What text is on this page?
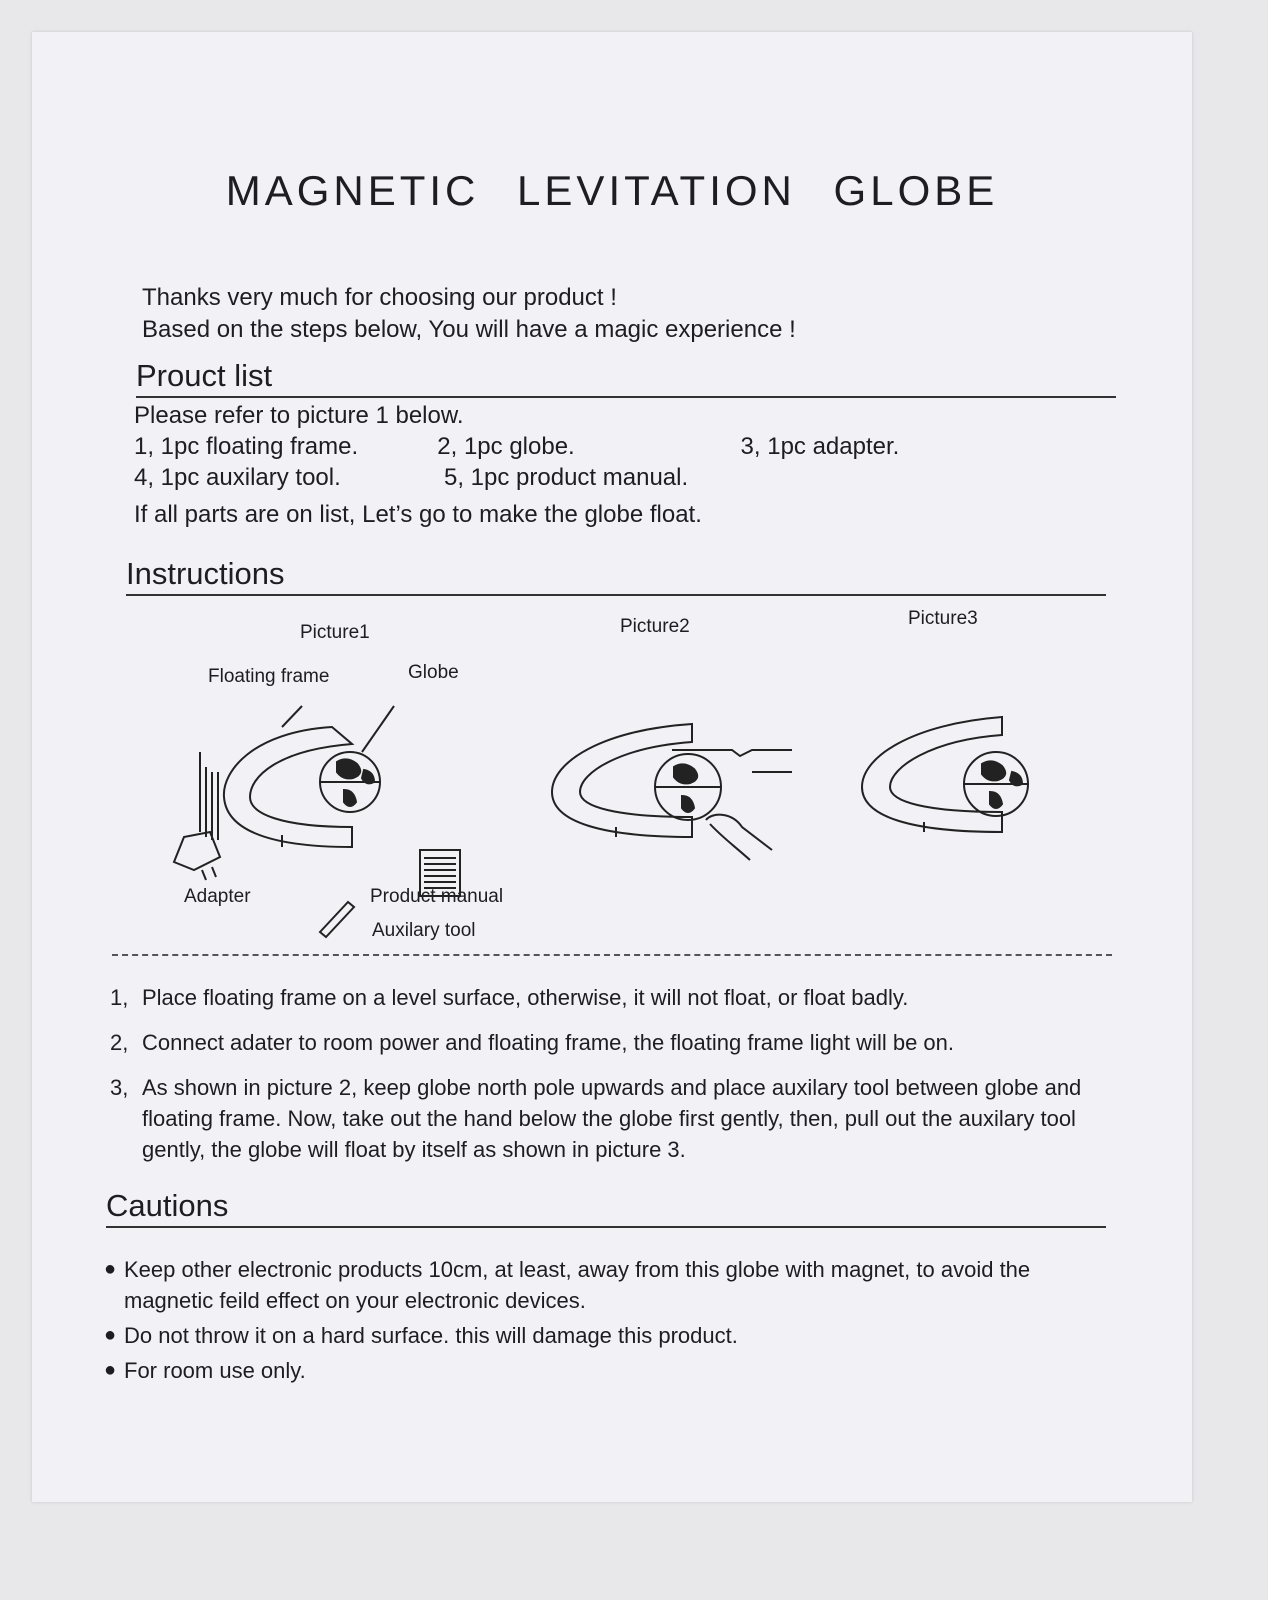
MAGNETIC LEVITATION GLOBE
Thanks very much for choosing our product !
Based on the steps below, You will have a magic experience !
Prouct list
Please refer to picture 1 below.
1, 1pc floating frame.	2, 1pc globe.	3, 1pc adapter.
4, 1pc auxilary tool.	5, 1pc product manual.
If all parts are on list, Let’s go to make the globe float.
Instructions
Picture1	Picture2	Picture3
Floating frame	Globe
Adapter
Auxilary tool
Product manual
1, Place floating frame on a level surface, otherwise, it will not float, or float badly.
2, Connect adater to room power and floating frame, the floating frame light will be on.
3, As shown in picture 2, keep globe north pole upwards and place auxilary tool between globe and floating frame. Now, take out the hand below the globe first gently, then, pull out the auxilary tool gently, the globe will float by itself as shown in picture 3.
Cautions
● Keep other electronic products 10cm, at least, away from this globe with magnet, to avoid the magnetic feild effect on your electronic devices.
● Do not throw it on a hard surface. this will damage this product.
● For room use only.
